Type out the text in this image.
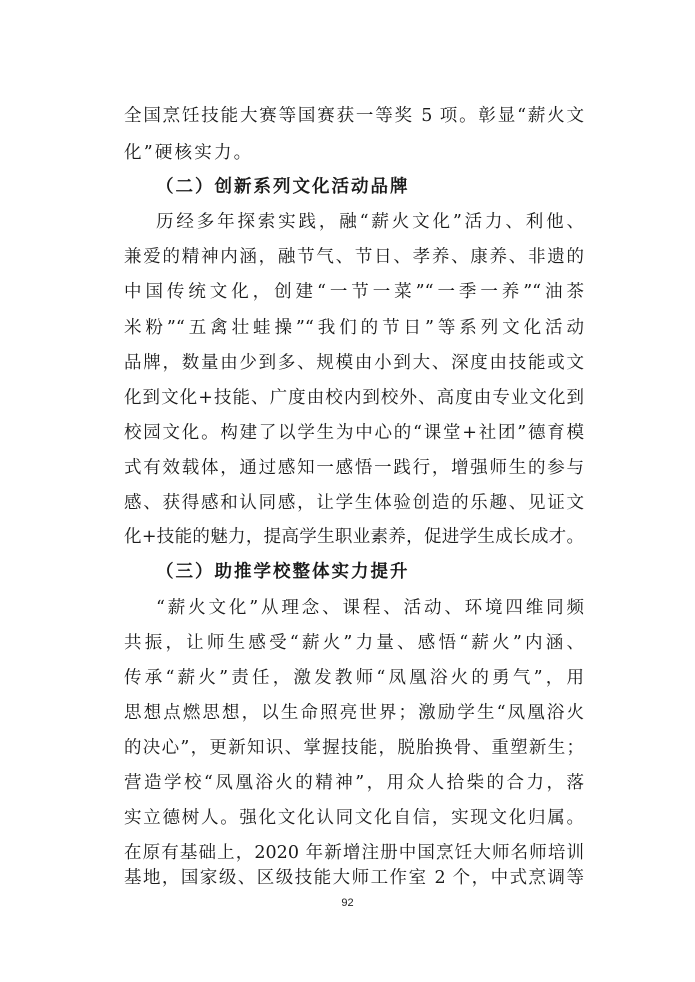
全国烹饪技能大赛等国赛获一等奖 5 项。彰显“薪火文
化”硬核实力。
（二）创新系列文化活动品牌
历经多年探索实践，融“薪火文化”活力、利他、
兼爱的精神内涵，融节气、节日、孝养、康养、非遗的
中国传统文化，创建“一节一菜”“一季一养”“油茶
米粉”“五禽壮蛙操”“我们的节日”等系列文化活动
品牌，数量由少到多、规模由小到大、深度由技能或文
化到文化+技能、广度由校内到校外、高度由专业文化到
校园文化。构建了以学生为中心的“课堂+社团”德育模
式有效载体，通过感知一感悟一践行，增强师生的参与
感、获得感和认同感，让学生体验创造的乐趣、见证文
化+技能的魅力，提高学生职业素养，促进学生成长成才。
（三）助推学校整体实力提升
“薪火文化”从理念、课程、活动、环境四维同频
共振，让师生感受“薪火”力量、感悟“薪火”内涵、
传承“薪火”责任，激发教师“凤凰浴火的勇气”，用
思想点燃思想，以生命照亮世界；激励学生“凤凰浴火
的决心”，更新知识、掌握技能，脱胎换骨、重塑新生；
营造学校“凤凰浴火的精神”，用众人拾柴的合力，落
实立德树人。强化文化认同文化自信，实现文化归属。
在原有基础上，2020 年新增注册中国烹饪大师名师培训
基地，国家级、区级技能大师工作室 2 个，中式烹调等
92
